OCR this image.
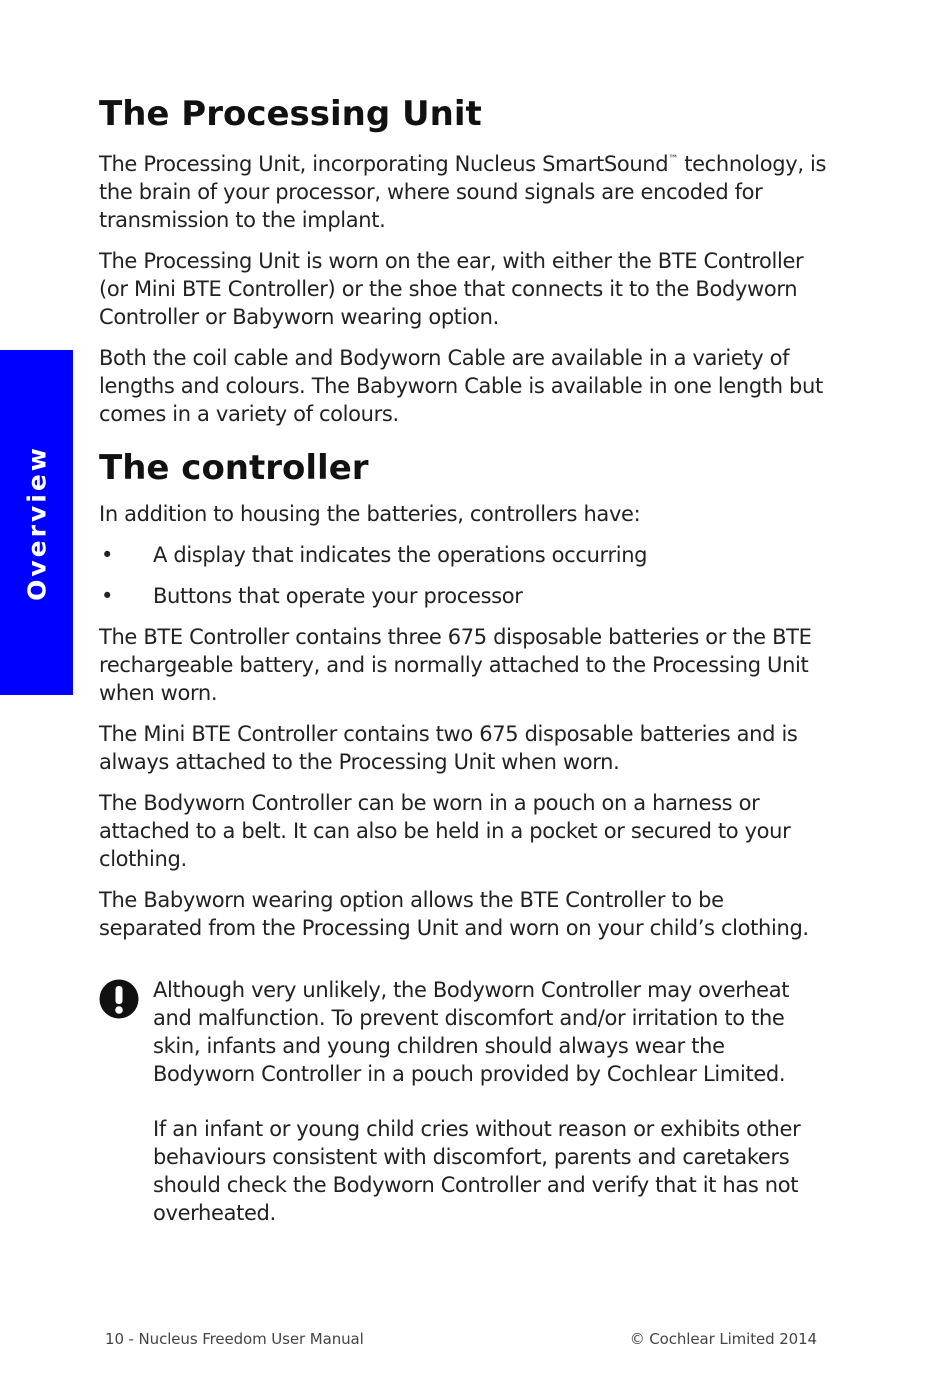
Overview
The Processing Unit

The Processing Unit, incorporating Nucleus SmartSound™ technology, is the brain of your processor, where sound signals are encoded for transmission to the implant.

The Processing Unit is worn on the ear, with either the BTE Controller (or Mini BTE Controller) or the shoe that connects it to the Bodyworn Controller or Babyworn wearing option.

Both the coil cable and Bodyworn Cable are available in a variety of lengths and colours. The Babyworn Cable is available in one length but comes in a variety of colours.

The controller

In addition to housing the batteries, controllers have:

• A display that indicates the operations occurring
• Buttons that operate your processor

The BTE Controller contains three 675 disposable batteries or the BTE rechargeable battery, and is normally attached to the Processing Unit when worn.

The Mini BTE Controller contains two 675 disposable batteries and is always attached to the Processing Unit when worn.

The Bodyworn Controller can be worn in a pouch on a harness or attached to a belt. It can also be held in a pocket or secured to your clothing.

The Babyworn wearing option allows the BTE Controller to be separated from the Processing Unit and worn on your child’s clothing.

Although very unlikely, the Bodyworn Controller may overheat and malfunction. To prevent discomfort and/or irritation to the skin, infants and young children should always wear the Bodyworn Controller in a pouch provided by Cochlear Limited.

If an infant or young child cries without reason or exhibits other behaviours consistent with discomfort, parents and caretakers should check the Bodyworn Controller and verify that it has not overheated.

10 - Nucleus Freedom User Manual	© Cochlear Limited 2014
